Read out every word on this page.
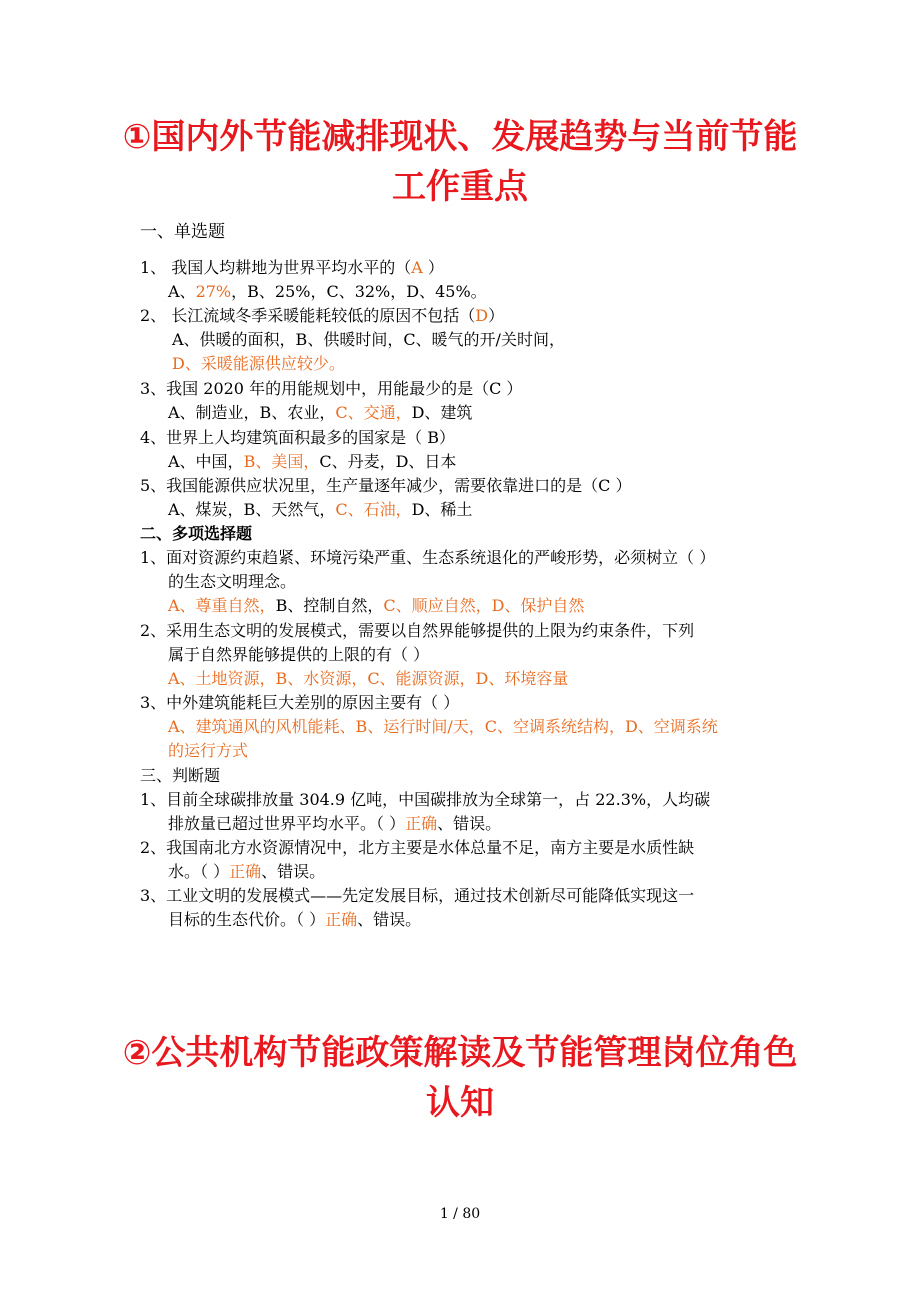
①国内外节能减排现状、发展趋势与当前节能工作重点
一、单选题
1、 我国人均耕地为世界平均水平的（A ）
A、27%，B、25%，C、32%，D、45%。
2、 长江流域冬季采暖能耗较低的原因不包括（D）
A、供暖的面积，B、供暖时间，C、暖气的开/关时间，
D、采暖能源供应较少。
3、我国 2020 年的用能规划中，用能最少的是（C ）
A、制造业，B、农业，C、交通，D、建筑
4、世界上人均建筑面积最多的国家是（ B）
A、中国，B、美国，C、丹麦，D、日本
5、我国能源供应状况里，生产量逐年减少，需要依靠进口的是（C ）
A、煤炭，B、天然气，C、石油，D、稀土
二、多项选择题
1、面对资源约束趋紧、环境污染严重、生态系统退化的严峻形势，必须树立（ ）
的生态文明理念。
A、尊重自然，B、控制自然，C、顺应自然，D、保护自然
2、采用生态文明的发展模式，需要以自然界能够提供的上限为约束条件，下列
属于自然界能够提供的上限的有（ ）
A、土地资源，B、水资源，C、能源资源，D、环境容量
3、中外建筑能耗巨大差别的原因主要有（ ）
A、建筑通风的风机能耗、B、运行时间/天，C、空调系统结构，D、空调系统
的运行方式
三、判断题
1、目前全球碳排放量 304.9 亿吨，中国碳排放为全球第一，占 22.3%，人均碳
排放量已超过世界平均水平。（ ）正确、错误。
2、我国南北方水资源情况中，北方主要是水体总量不足，南方主要是水质性缺
水。（ ）正确、错误。
3、工业文明的发展模式——先定发展目标，通过技术创新尽可能降低实现这一
目标的生态代价。（ ）正确、错误。
②公共机构节能政策解读及节能管理岗位角色认知
1 / 80
